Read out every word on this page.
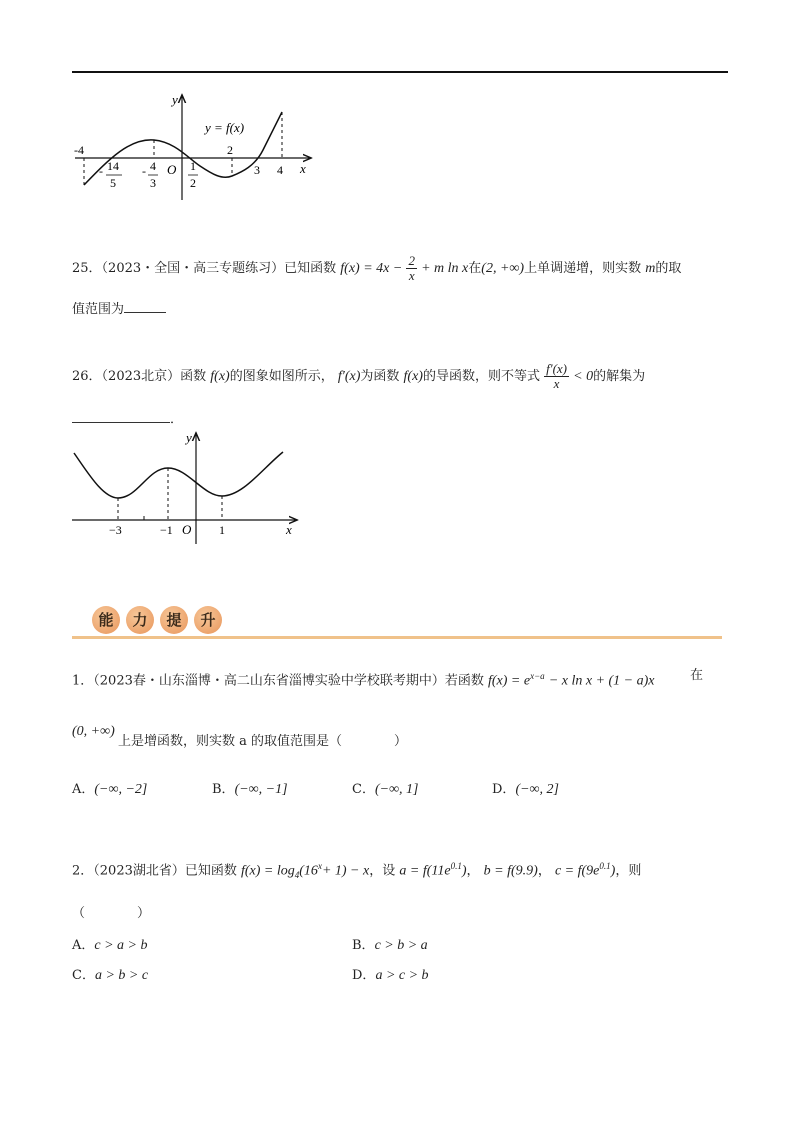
y
x
O
y = f(x)
-4
- 14
5
- 4
3
1
2
2
3 4
25．（2023・全国・高三专题练习）已知函数 $f(x) = 4x - \frac{2}{x} + m$ ln x在(2, +∞)上单调递增，则实数 m的取
值范围为
26．（2023北京）函数 f(x)的图象如图所示， f′(x)为函数 f(x)的导函数，则不等式 $\frac{f'(x)}{x} < 0$的解集为
．
y
x
O
−3	−1	1
能	力	提	升
1．（2023春・山东淄博・高二山东省淄博实验中学校联考期中）若函数 $f(x) = e^{x-a} - x$ ln x + (1 − a)x	在
(0, +∞)
上是增函数，则实数 a 的取值范围是（　　　　）
A．(−∞, −2]	B．(−∞, −1]	C．(−∞, 1]	D．(−∞, 2]
2．（2023湖北省）已知函数 $f(x) = \log_4(16^x+ 1) - x$，设 $a = f(11e^{0.1})$， b = f(9.9)， $c = f(9e^{0.1})$，则
（　　　　）
A．c > a > b	B．c > b > a
C．a > b > c	D．a > c > b
